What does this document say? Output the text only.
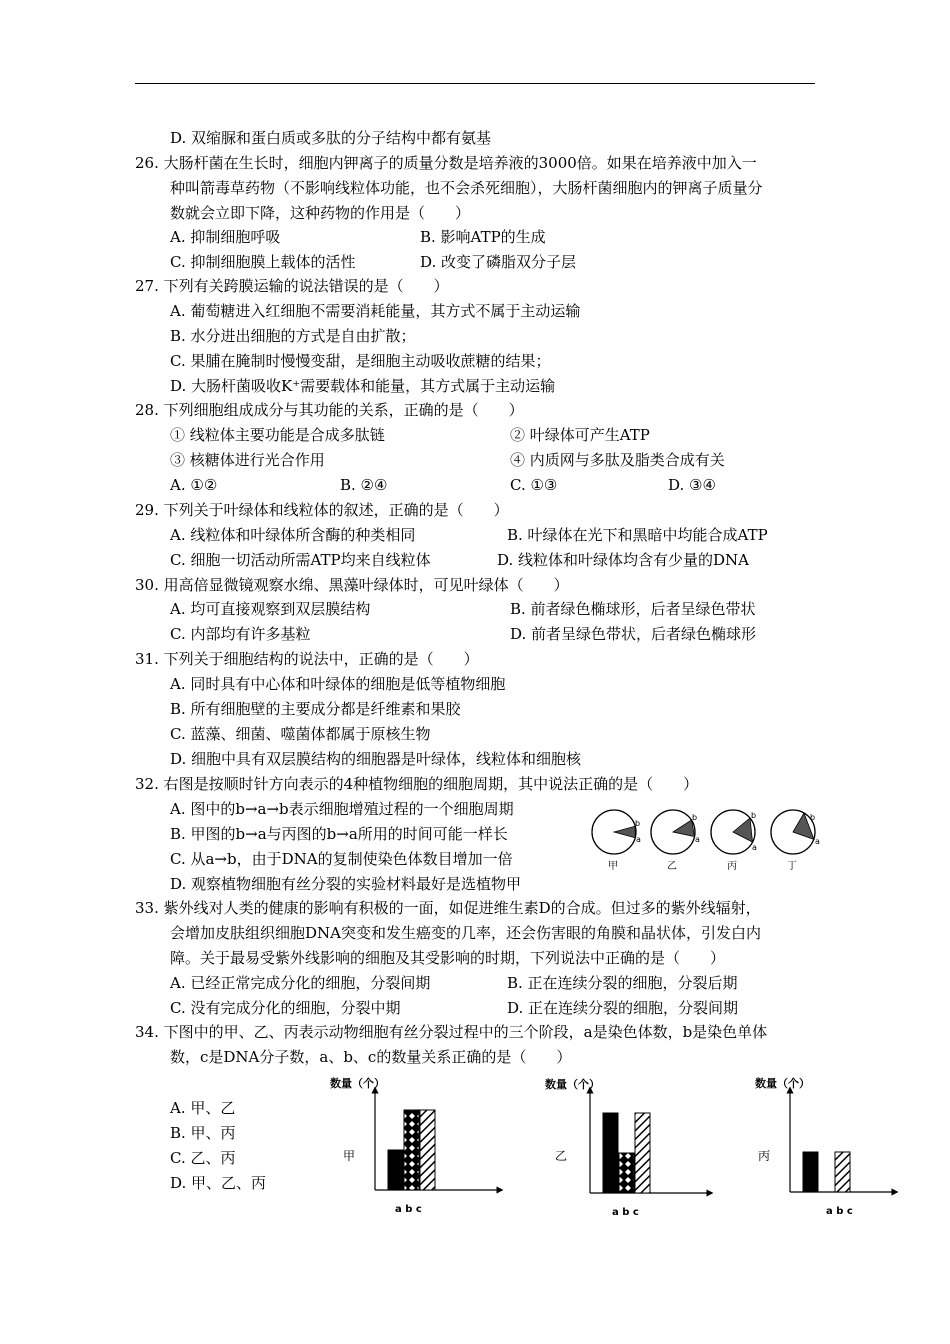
D. 双缩脲和蛋白质或多肽的分子结构中都有氨基
26. 大肠杆菌在生长时，细胞内钾离子的质量分数是培养液的3000倍。如果在培养液中加入一
种叫箭毒草药物（不影响线粒体功能，也不会杀死细胞），大肠杆菌细胞内的钾离子质量分
数就会立即下降，这种药物的作用是（　　）
A. 抑制细胞呼吸	B. 影响ATP的生成
C. 抑制细胞膜上载体的活性	D. 改变了磷脂双分子层
27. 下列有关跨膜运输的说法错误的是（　　）
A. 葡萄糖进入红细胞不需要消耗能量，其方式不属于主动运输
B. 水分进出细胞的方式是自由扩散；
C. 果脯在腌制时慢慢变甜，是细胞主动吸收蔗糖的结果；
D. 大肠杆菌吸收K⁺需要载体和能量，其方式属于主动运输
28. 下列细胞组成成分与其功能的关系，正确的是（　　）
① 线粒体主要功能是合成多肽链	② 叶绿体可产生ATP
③ 核糖体进行光合作用	④ 内质网与多肽及脂类合成有关
A. ①②	B. ②④	C. ①③	D. ③④
29. 下列关于叶绿体和线粒体的叙述，正确的是（　　）
A. 线粒体和叶绿体所含酶的种类相同	B. 叶绿体在光下和黑暗中均能合成ATP
C. 细胞一切活动所需ATP均来自线粒体	D. 线粒体和叶绿体均含有少量的DNA
30. 用高倍显微镜观察水绵、黑藻叶绿体时，可见叶绿体（　　）
A. 均可直接观察到双层膜结构	B. 前者绿色椭球形，后者呈绿色带状
C. 内部均有许多基粒	D. 前者呈绿色带状，后者绿色椭球形
31. 下列关于细胞结构的说法中，正确的是（　　）
A. 同时具有中心体和叶绿体的细胞是低等植物细胞
B. 所有细胞壁的主要成分都是纤维素和果胶
C. 蓝藻、细菌、噬菌体都属于原核生物
D. 细胞中具有双层膜结构的细胞器是叶绿体，线粒体和细胞核
32. 右图是按顺时针方向表示的4种植物细胞的细胞周期，其中说法正确的是（　　）
A. 图中的b→a→b表示细胞增殖过程的一个细胞周期
B. 甲图的b→a与丙图的b→a所用的时间可能一样长
C. 从a→b，由于DNA的复制使染色体数目增加一倍
D. 观察植物细胞有丝分裂的实验材料最好是选植物甲
b
a
甲
b
a
乙
b
a
丙
b
a
丁
33. 紫外线对人类的健康的影响有积极的一面，如促进维生素D的合成。但过多的紫外线辐射，
会增加皮肤组织细胞DNA突变和发生癌变的几率，还会伤害眼的角膜和晶状体，引发白内
障。关于最易受紫外线影响的细胞及其受影响的时期，下列说法中正确的是（　　）
A. 已经正常完成分化的细胞，分裂间期	B. 正在连续分裂的细胞，分裂后期
C. 没有完成分化的细胞，分裂中期	D. 正在连续分裂的细胞，分裂间期
34. 下图中的甲、乙、丙表示动物细胞有丝分裂过程中的三个阶段，a是染色体数，b是染色单体
数，c是DNA分子数，a、b、c的数量关系正确的是（　　）
A. 甲、乙
B. 甲、丙
C. 乙、丙
D. 甲、乙、丙
数量（个）
甲
a b c
数量（个）
乙
a b c
数量（个）
丙
a b c
